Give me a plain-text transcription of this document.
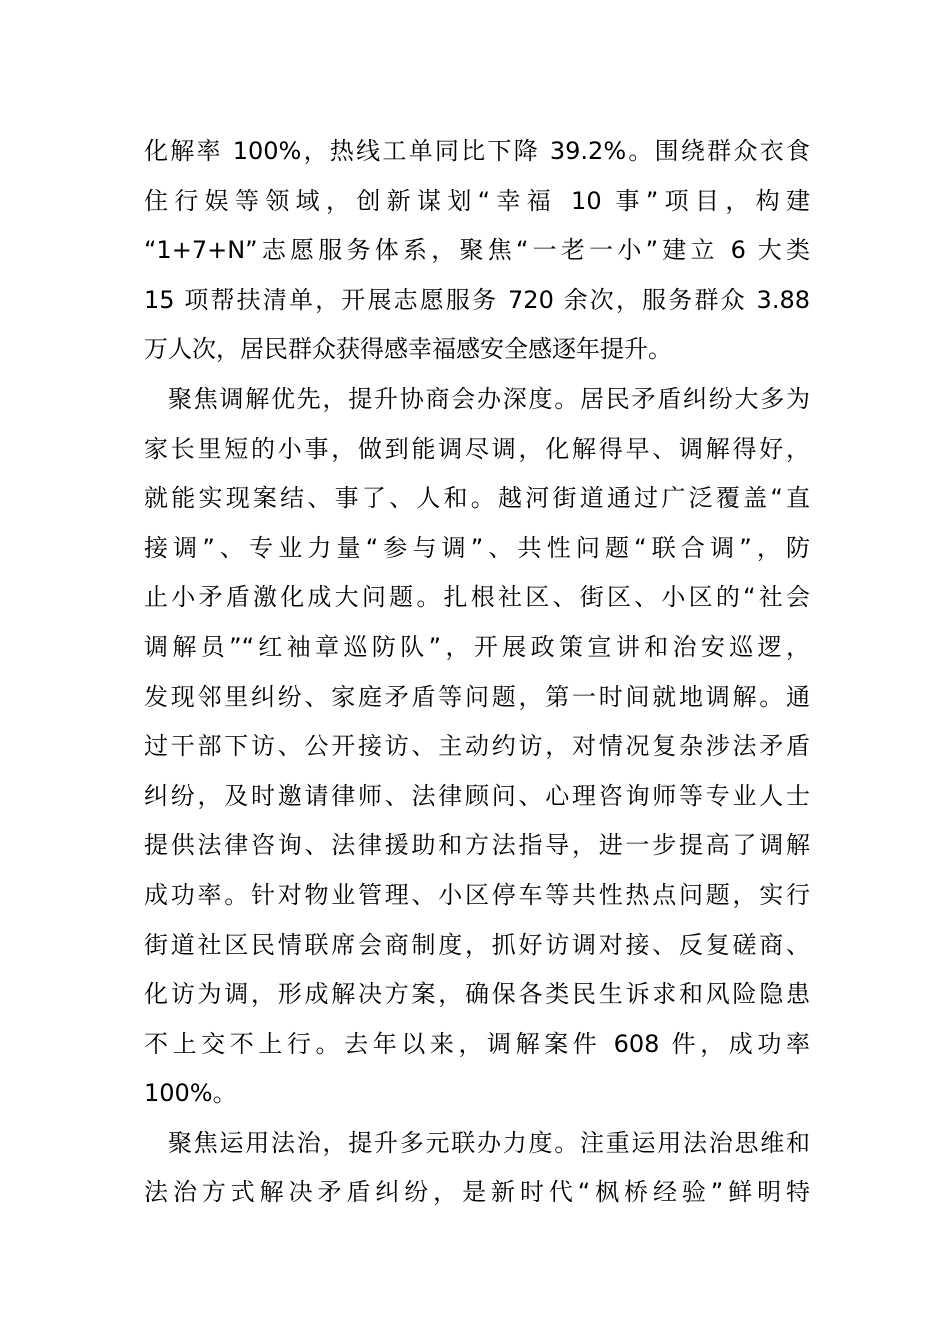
化解率 100%，热线工单同比下降 39.2%。围绕群众衣食
住行娱等领域，创新谋划“幸福 10 事”项目，构建
“1+7+N”志愿服务体系，聚焦“一老一小”建立 6 大类
15 项帮扶清单，开展志愿服务 720 余次，服务群众 3.88
万人次，居民群众获得感幸福感安全感逐年提升。
聚焦调解优先，提升协商会办深度。居民矛盾纠纷大多为
家长里短的小事，做到能调尽调，化解得早、调解得好，
就能实现案结、事了、人和。越河街道通过广泛覆盖“直
接调”、专业力量“参与调”、共性问题“联合调”，防
止小矛盾激化成大问题。扎根社区、街区、小区的“社会
调解员”“红袖章巡防队”，开展政策宣讲和治安巡逻，
发现邻里纠纷、家庭矛盾等问题，第一时间就地调解。通
过干部下访、公开接访、主动约访，对情况复杂涉法矛盾
纠纷，及时邀请律师、法律顾问、心理咨询师等专业人士
提供法律咨询、法律援助和方法指导，进一步提高了调解
成功率。针对物业管理、小区停车等共性热点问题，实行
街道社区民情联席会商制度，抓好访调对接、反复磋商、
化访为调，形成解决方案，确保各类民生诉求和风险隐患
不上交不上行。去年以来，调解案件 608 件，成功率
100%。
聚焦运用法治，提升多元联办力度。注重运用法治思维和
法治方式解决矛盾纠纷，是新时代“枫桥经验”鲜明特
